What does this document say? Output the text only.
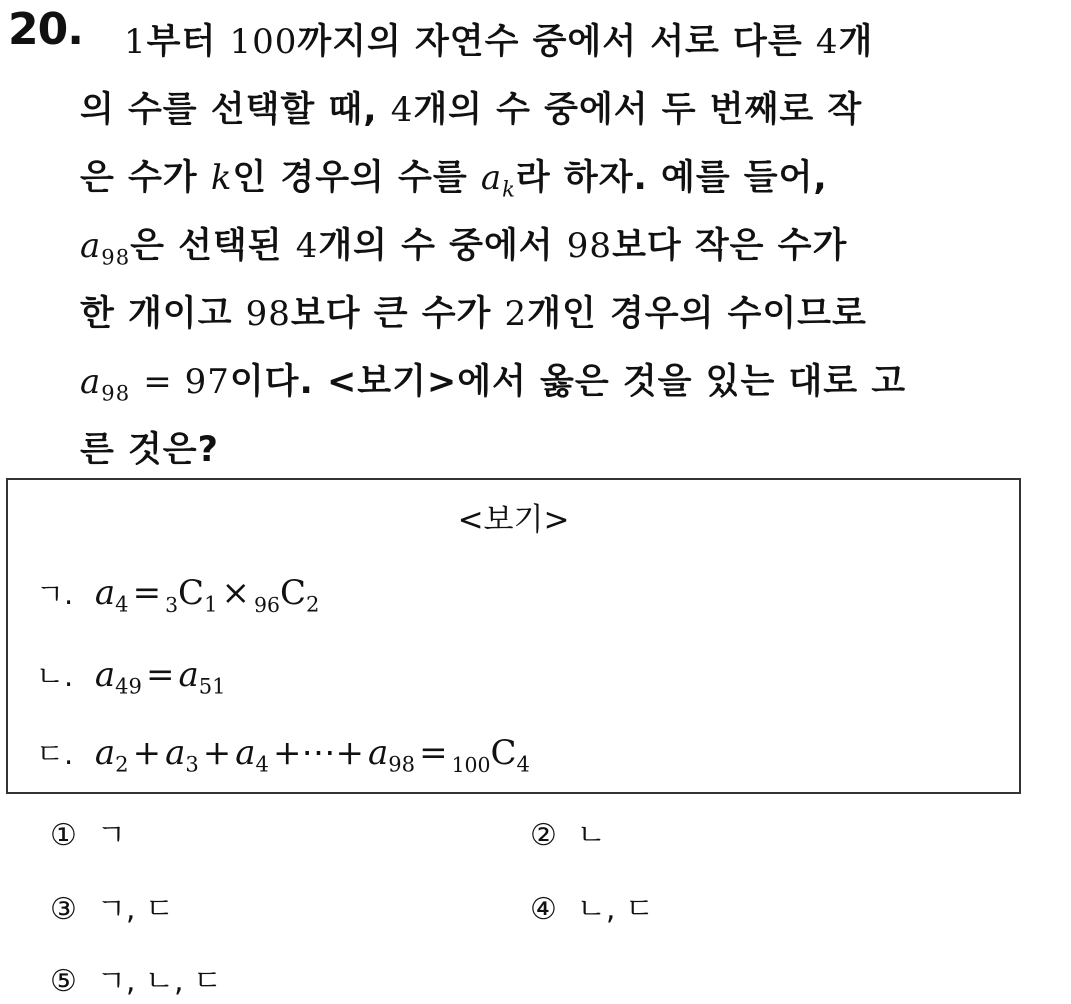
20. 1부터 100까지의 자연수 중에서 서로 다른 4개
의 수를 선택할 때, 4개의 수 중에서 두 번째로 작
은 수가 k인 경우의 수를 $a_k$라 하자. 예를 들어,
$a_{98}$은 선택된 4개의 수 중에서 98보다 작은 수가
한 개이고 98보다 큰 수가 2개인 경우의 수이므로
$a_{98} = 97$이다. <보기>에서 옳은 것을 있는 대로 고
른 것은?
<보기>
ㄱ. $a_4 = _3C_1 \times _{96}C_2$
ㄴ. $a_{49} = a_{51}$
ㄷ. $a_2 + a_3 + a_4$ +⋯+ $a_{98} = _{100}C_4$
① ㄱ	② ㄴ
③ ㄱ, ㄷ	④ ㄴ, ㄷ
⑤ ㄱ, ㄴ, ㄷ
